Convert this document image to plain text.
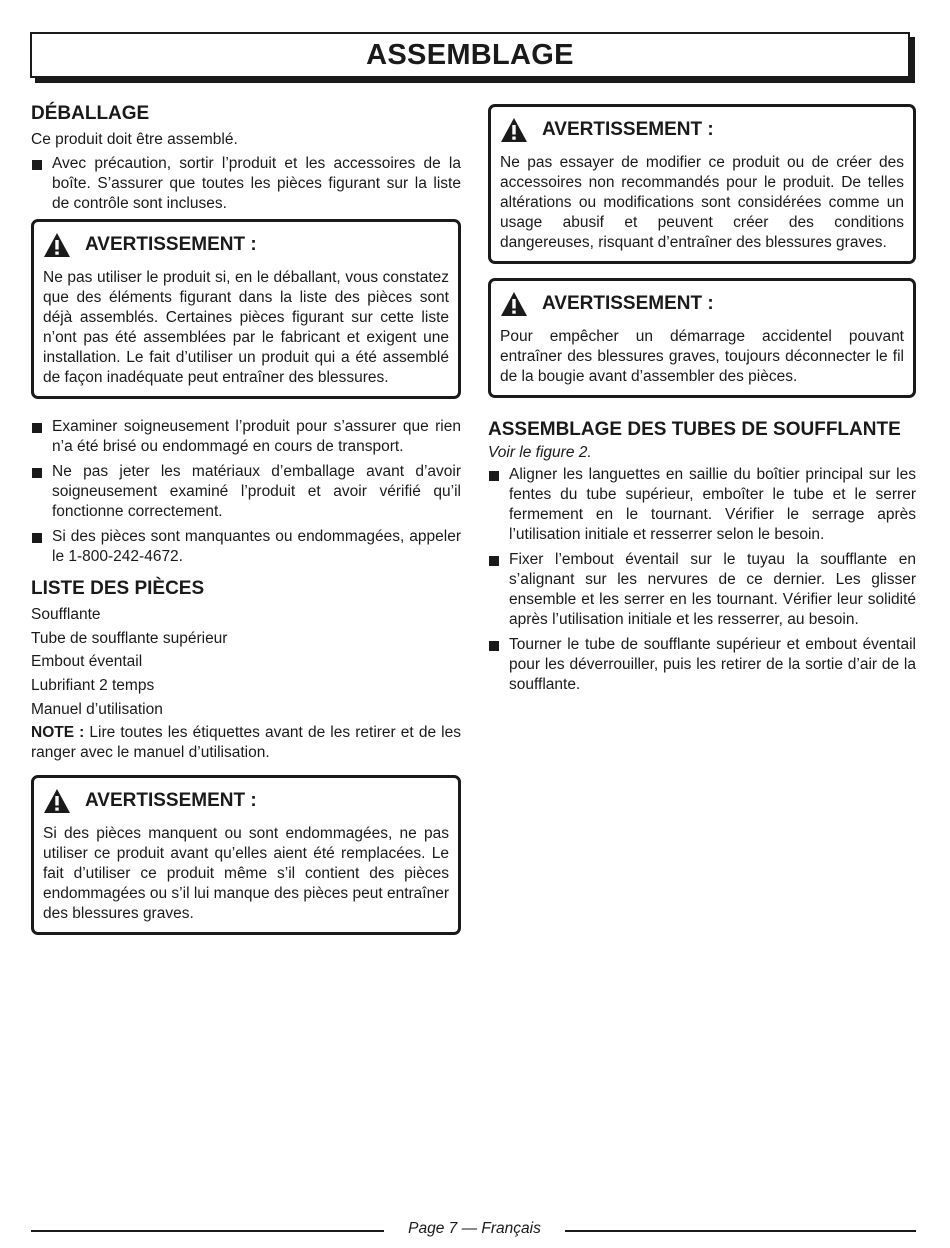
ASSEMBLAGE
DÉBALLAGE

Ce produit doit être assemblé.

Avec précaution, sortir l’produit et les accessoires de la boîte. S’assurer que toutes les pièces figurant sur la liste de contrôle sont incluses.
AVERTISSEMENT :
Ne pas utiliser le produit si, en le déballant, vous constatez que des éléments figurant dans la liste des pièces sont déjà assemblés. Certaines pièces figurant sur cette liste n’ont pas été assemblées par le fabricant et exigent une installation. Le fait d’utiliser un produit qui a été assemblé de façon inadéquate peut entraîner des blessures.
Examiner soigneusement l’produit pour s’assurer que rien n’a été brisé ou endommagé en cours de transport.
Ne pas jeter les matériaux d’emballage avant d’avoir soigneusement examiné l’produit et avoir vérifié qu’il fonctionne correctement.
Si des pièces sont manquantes ou endommagées, appeler le 1-800-242-4672.
LISTE DES PIÈCES

Soufflante

Tube de soufflante supérieur

Embout éventail

Lubrifiant 2 temps

Manuel d’utilisation

NOTE : Lire toutes les étiquettes avant de les retirer et de les ranger avec le manuel d’utilisation.
AVERTISSEMENT :
Si des pièces manquent ou sont endommagées, ne pas utiliser ce produit avant qu’elles aient été remplacées. Le fait d’utiliser ce produit même s’il contient des pièces endommagées ou s’il lui manque des pièces peut entraîner des blessures graves.
AVERTISSEMENT :
Ne pas essayer de modifier ce produit ou de créer des accessoires non recommandés pour le produit. De telles altérations ou modifications sont considérées comme un usage abusif et peuvent créer des conditions dangereuses, risquant d’entraîner des blessures graves.
AVERTISSEMENT :
Pour empêcher un démarrage accidentel pouvant entraîner des blessures graves, toujours déconnecter le fil de la bougie avant d’assembler des pièces.
ASSEMBLAGE DES TUBES DE SOUFFLANTE
Voir le figure 2.
Aligner les languettes en saillie du boîtier principal sur les fentes du tube supérieur, emboîter le tube et le serrer fermement en le tournant. Vérifier le serrage après l’utilisation initiale et resserrer selon le besoin.
Fixer l’embout éventail sur le tuyau la soufflante en s’alignant sur les nervures de ce dernier. Les glisser ensemble et les serrer en les tournant. Vérifier leur solidité après l’utilisation initiale et les resserrer, au besoin.
Tourner le tube de soufflante supérieur et embout éventail pour les déverrouiller, puis les retirer de la sortie d’air de la soufflante.
Page 7 — Français
